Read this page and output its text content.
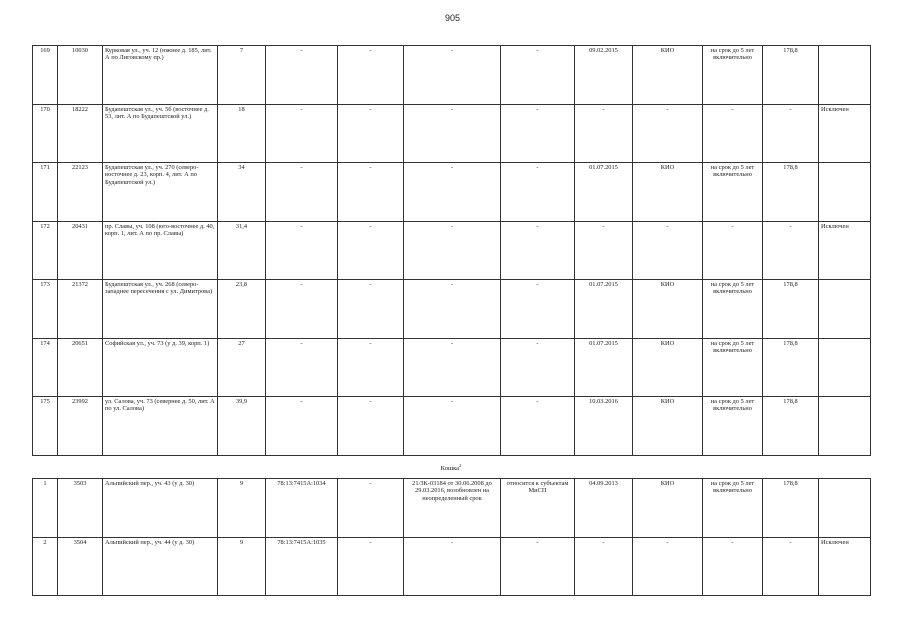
905
169	10030	Курковая ул., уч. 12 (южнее д. 185, лит. А по Лиговскому пр.)	7	-	-	-	-	09.02.2015	КИО	на срок до 5 лет включительно	178,8	
170	18222	Будапештская ул., уч. 5б (восточнее д. 53, лит. А по Будапештской ул.)	18	-	-	-	-	-	-	-	-	Исключен
171	22123	Будапештская ул., уч. 270 (северо-восточнее д. 23, корп. 4, лит. А по Будапештской ул.)	34	-	-	-	-	01.07.2015	КИО	на срок до 5 лет включительно	178,8	
172	20431	пр. Славы, уч. 108 (юго-восточнее д. 40, корп. 1, лит. А по пр. Славы)	31,4	-	-	-	-	-	-	-	-	Исключен
173	21372	Будапештская ул., уч. 268 (северо-западнее пересечения с ул. Димитрова)	23,8	-	-	-	-	01.07.2015	КИО	на срок до 5 лет включительно	178,8	
174	20651	Софийская ул., уч. 73 (у д. 39, корп. 1)	27	-	-	-	-	01.07.2015	КИО	на срок до 5 лет включительно	178,8	
175	23992	ул. Салова, уч. 73 (севернее д. 50, лит. А по ул. Салова)	39,9	-	-	-	-	10.03.2016	КИО	на срок до 5 лет включительно	178,8	
Кошка$^2$
1	3503	Альпийский пер., уч. 43 (у д. 30)	9	78:13:7415А:1034	-	21/ЗК-03184 от 30.06.2008 до 29.03.2016, возобновлен на неопределенный срок	относится к субъектам МиСП	04.09.2013	КИО	на срок до 5 лет включительно	178,8	
2	3504	Альпийский пер., уч. 44 (у д. 30)	9	78:13:7415А:1035	-	-	-	-	-	-	-	Исключен
